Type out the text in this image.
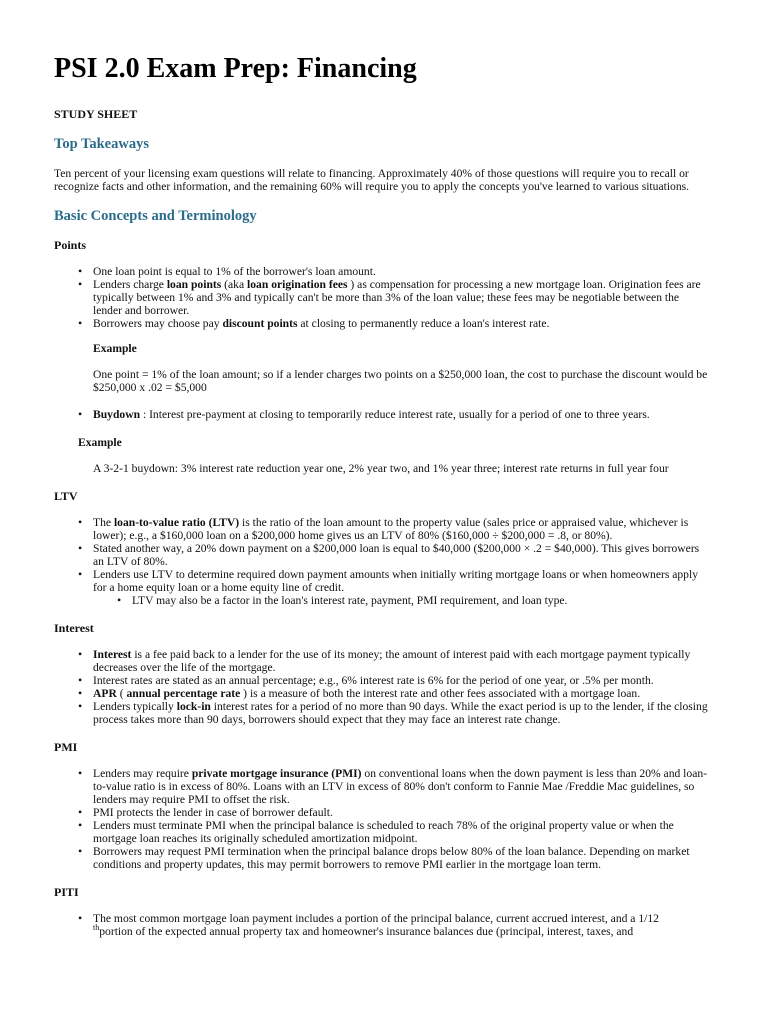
PSI 2.0 Exam Prep: Financing
STUDY SHEET
Top Takeaways

Ten percent of your licensing exam questions will relate to financing. Approximately 40% of those questions will require you to recall or recognize facts and other information, and the remaining 60% will require you to apply the concepts you've learned to various situations.

Basic Concepts and Terminology
Points
• One loan point is equal to 1% of the borrower's loan amount.
• Lenders charge loan points (aka loan origination fees ) as compensation for processing a new mortgage loan. Origination fees are typically between 1% and 3% and typically can't be more than 3% of the loan value; these fees may be negotiable between the lender and borrower.
• Borrowers may choose pay discount points at closing to permanently reduce a loan's interest rate.
Example
One point = 1% of the loan amount; so if a lender charges two points on a $250,000 loan, the cost to purchase the discount would be $250,000 x .02 = $5,000
• Buydown : Interest pre-payment at closing to temporarily reduce interest rate, usually for a period of one to three years.
Example
A 3-2-1 buydown: 3% interest rate reduction year one, 2% year two, and 1% year three; interest rate returns in full year four
LTV
• The loan-to-value ratio (LTV) is the ratio of the loan amount to the property value (sales price or appraised value, whichever is lower); e.g., a $160,000 loan on a $200,000 home gives us an LTV of 80% ($160,000 ÷ $200,000 = .8, or 80%).
• Stated another way, a 20% down payment on a $200,000 loan is equal to $40,000 ($200,000 × .2 = $40,000). This gives borrowers an LTV of 80%.
• Lenders use LTV to determine required down payment amounts when initially writing mortgage loans or when homeowners apply for a home equity loan or a home equity line of credit.
• LTV may also be a factor in the loan's interest rate, payment, PMI requirement, and loan type.
Interest
• Interest is a fee paid back to a lender for the use of its money; the amount of interest paid with each mortgage payment typically decreases over the life of the mortgage.
• Interest rates are stated as an annual percentage; e.g., 6% interest rate is 6% for the period of one year, or .5% per month.
• APR ( annual percentage rate ) is a measure of both the interest rate and other fees associated with a mortgage loan.
• Lenders typically lock-in interest rates for a period of no more than 90 days. While the exact period is up to the lender, if the closing process takes more than 90 days, borrowers should expect that they may face an interest rate change.
PMI
• Lenders may require private mortgage insurance (PMI) on conventional loans when the down payment is less than 20% and loan-to-value ratio is in excess of 80%. Loans with an LTV in excess of 80% don't conform to Fannie Mae /Freddie Mac guidelines, so lenders may require PMI to offset the risk.
• PMI protects the lender in case of borrower default.
• Lenders must terminate PMI when the principal balance is scheduled to reach 78% of the original property value or when the mortgage loan reaches its originally scheduled amortization midpoint.
• Borrowers may request PMI termination when the principal balance drops below 80% of the loan balance. Depending on market conditions and property updates, this may permit borrowers to remove PMI earlier in the mortgage loan term.
PITI
• The most common mortgage loan payment includes a portion of the principal balance, current accrued interest, and a 1/12
$^{th}$portion of the expected annual property tax and homeowner's insurance balances due (principal, interest, taxes, and
